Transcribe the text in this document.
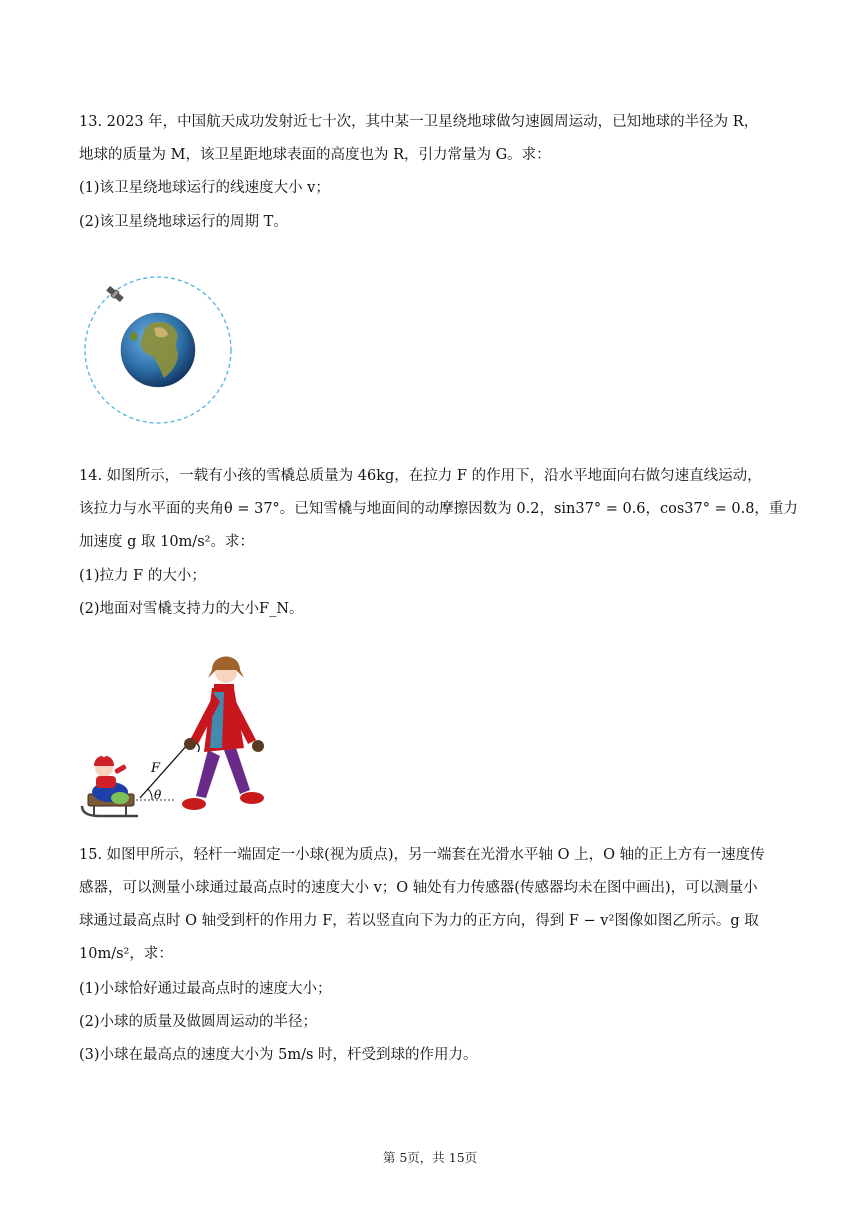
13. 2023 年，中国航天成功发射近七十次，其中某一卫星绕地球做匀速圆周运动，已知地球的半径为 R，
地球的质量为 M，该卫星距地球表面的高度也为 R，引力常量为 G。求：
(1)该卫星绕地球运行的线速度大小 v；
(2)该卫星绕地球运行的周期 T。
14. 如图所示，一载有小孩的雪橇总质量为 46kg，在拉力 F 的作用下，沿水平地面向右做匀速直线运动，
该拉力与水平面的夹角θ = 37°。已知雪橇与地面间的动摩擦因数为 0.2，sin37° = 0.6，cos37° = 0.8，重力
加速度 g 取 10m/s²。求：
(1)拉力 F 的大小；
(2)地面对雪橇支持力的大小F_N。
θ
F
15. 如图甲所示，轻杆一端固定一小球(视为质点)，另一端套在光滑水平轴 O 上，O 轴的正上方有一速度传
感器，可以测量小球通过最高点时的速度大小 v；O 轴处有力传感器(传感器均未在图中画出)，可以测量小
球通过最高点时 O 轴受到杆的作用力 F，若以竖直向下为力的正方向，得到 F − v²图像如图乙所示。g 取
10m/s²，求：
(1)小球恰好通过最高点时的速度大小；
(2)小球的质量及做圆周运动的半径；
(3)小球在最高点的速度大小为 5m/s 时，杆受到球的作用力。
第 5页，共 15页
